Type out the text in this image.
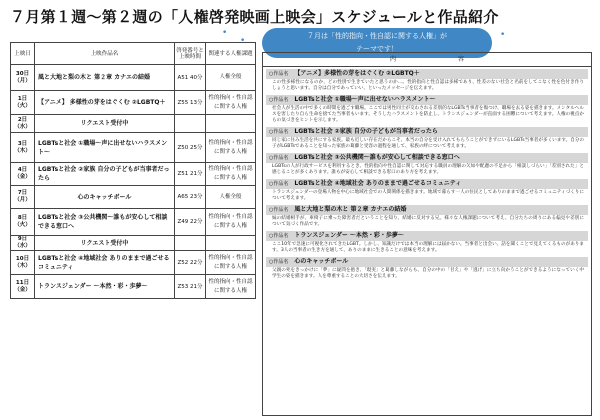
７月第１週〜第２週の「人権啓発映画上映会」スケジュールと作品紹介
•
•
•
７月は「性的指向・性自認に関する人権」が
テーマです！
上映日	上映作品名	啓発番号と上映時間	関連する人権課題
30日（月）	風と大地と梨の木と 第２章 カナエの結婚	A51 40分	人権全般
1日（火）	【アニメ】 多様性の芽をはぐくむ ②LGBTQ＋	Z55 13分	性的指向・性自認に関する人権
2日（水）	リクエスト受付中		
3日（木）	LGBTsと社会 ①職場〜声に出せないハラスメント〜	Z50 25分	性的指向・性自認に関する人権
4日（金）	LGBTsと社会 ②家族 自分の子どもが当事者だったら	Z51 21分	性的指向・性自認に関する人権
7日（月）	心のキャッチボール	A65 23分	人権全般
8日（火）	LGBTsと社会 ③公共機関〜誰もが安心して相談できる窓口へ	Z49 22分	性的指向・性自認に関する人権
9日（水）	リクエスト受付中		
10日（木）	LGBTsと社会 ④地域社会 ありのままで過ごせるコミュニティ	Z52 22分	性的指向・性自認に関する人権
11日（金）	トランスジェンダー 〜本然・彩・歩夢〜	Z53 21分	性的指向・性自認に関する人権
内 容
○作品名 【アニメ】多様性の芽をはぐくむ ②LGBTQ＋
この性多様性になるのか、どの性別で生きていたと思うのか…。性的指向と性自認は多様であり、性差のない社会と名前をしてこなく性を色付き作りしょうと思います。自分は自分であっていい、といったメッセージを伝えます。
○作品名 LGBTsと社会 ①職場〜声に出せないハラスメント〜
社会人が生活の中で多くの時間を過ごす職場。ここでは男性同士が交わされる差別的なLGBTs当事者を傷つけ、職場を去る姿を描きます。メンタルヘルスを害したり自ら生命を捨てた当事者もいます。そうしたハラスメントを防止し、トランスジェンダーが直面する困難について考えます。人権の視点からの気づきをヒントを示します。
○作品名 LGBTsと社会 ②家族 自分の子どもが当事者だったら
同じ家に住み生活を共にする家族。最も近しい存在だからこそ、本当の自分を受け入れてもらうことができずにいるLGBTs当事者が多くいます。自分の子がLGBTsであることを知った家族の葛藤と受容の過程を通して、家族の絆について考えます。
○作品名 LGBTsと社会 ③公共機関〜誰もが安心して相談できる窓口へ
LGBTsの人が行政サービスを利用するとき、性的指向や性自認に関して対応する職員の理解の欠如や配慮の不足から「相談しづらい」「差別された」と感じることが多くあります。誰もが安心して相談できる窓口のあり方を考えます。
○作品名 LGBTsと社会 ④地域社会 ありのままで過ごせるコミュニティ
トランスジェンダーの登場人物を中心に地域社会での人間関係を描きます。地域で暮らす一人の住民としてありのままで過ごせるコミュニティづくりについて考えます。
○作品名 風と大地と梨の木と 第２章 カナエの結婚
妹の結婚相手が、車椅子に乗った障害者だということを知り、結婚に反対する兄。様々な人権課題について考え、自分たちの周りにある偏見や差別について気づく作品です。
○作品名 トランスジェンダー 〜本然・彩・歩夢〜
ここ10年で急速に可視化されてきたLGBT。しかし、知識だけでは本当の理解には届かない。当事者と出会い、話を聞くことで見えてくるものがあります。3人の当事者の生き方を通して、ありのままに生きることの意味を考えます。
○作品名 心のキャッチボール
父親の死をきっかけに「夢」に疑問を抱き、「現実」と葛藤しながらも、自分の中の「甘え」や「逃げ」に立ち向かうことができるようになっていく中学生の姿を描きます。人を尊重することの大切さを伝えます。
